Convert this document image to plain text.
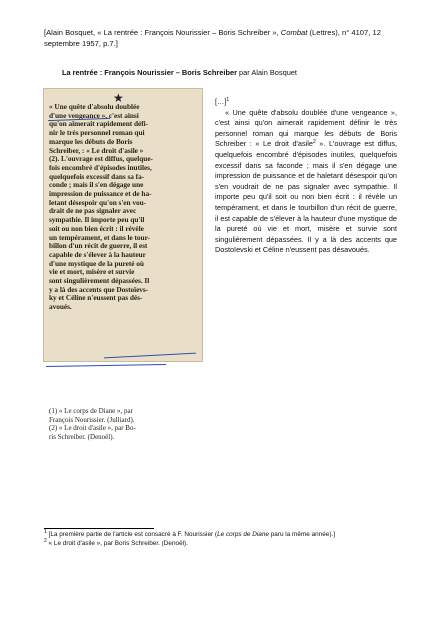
[Alain Bosquet, « La rentrée : François Nourissier – Boris Schreiber », Combat (Lettres), n° 4107, 12 septembre 1957, p.7.]
La rentrée : François Nourissier – Boris Schreiber par Alain Bosquet
★
« Une quête d'absolu doublée
d'une vengeance », c'est ainsi
qu'on aimerait rapidement défi-
nir le très personnel roman qui
marque les débuts de Boris
Schreiber, : « Le droit d'asile »
(2). L'ouvrage est diffus, quelque-
fois encombré d'épisodes inutiles,
quelquefois excessif dans sa fa-
conde ; mais il s'en dégage une
impression de puissance et de ha-
letant désespoir qu'on s'en vou-
drait de ne pas signaler avec
sympathie. Il importe peu qu'il
soit ou non bien écrit : il révèle
un tempérament, et dans le tour-
billon d'un récit de guerre, il est
capable de s'élever à la hauteur
d'une mystique de la pureté où
vie et mort, misère et survie
sont singulièrement dépassées. Il
y a là des accents que Dostoïevs-
ky et Céline n'eussent pas dés-
avoués.
(1) « Le corps de Diane », par
François Nourissier. (Julliard).
(2) « Le droit d'asile », par Bo-
ris Schreiber. (Denoël).
[…]$^1$
« Une quête d'absolu doublée d'une vengeance », c'est ainsi qu'on aimerait rapidement définir le très personnel roman qui marque les débuts de Boris Schreiber : « Le droit d'asile$^2$ ». L'ouvrage est diffus, quelquefois encombré d'épisodes inutiles, quelquefois excessif dans sa faconde ; mais il s'en dégage une impression de puissance et de haletant désespoir qu'on s'en voudrait de ne pas signaler avec sympathie. Il importe peu qu'il soit ou non bien écrit : il révèle un tempérament, et dans le tourbillon d'un récit de guerre, il est capable de s'élever à la hauteur d'une mystique de la pureté où vie et mort, misère et survie sont singulièrement dépassées. Il y a là des accents que Dostoïevski et Céline n'eussent pas désavoués.
$^1$ [La première partie de l'article est consacré à F. Nourissier (Le corps de Diane paru la même année).]
$^2$ « Le droit d'asile », par Boris Schreiber. (Denoël).
